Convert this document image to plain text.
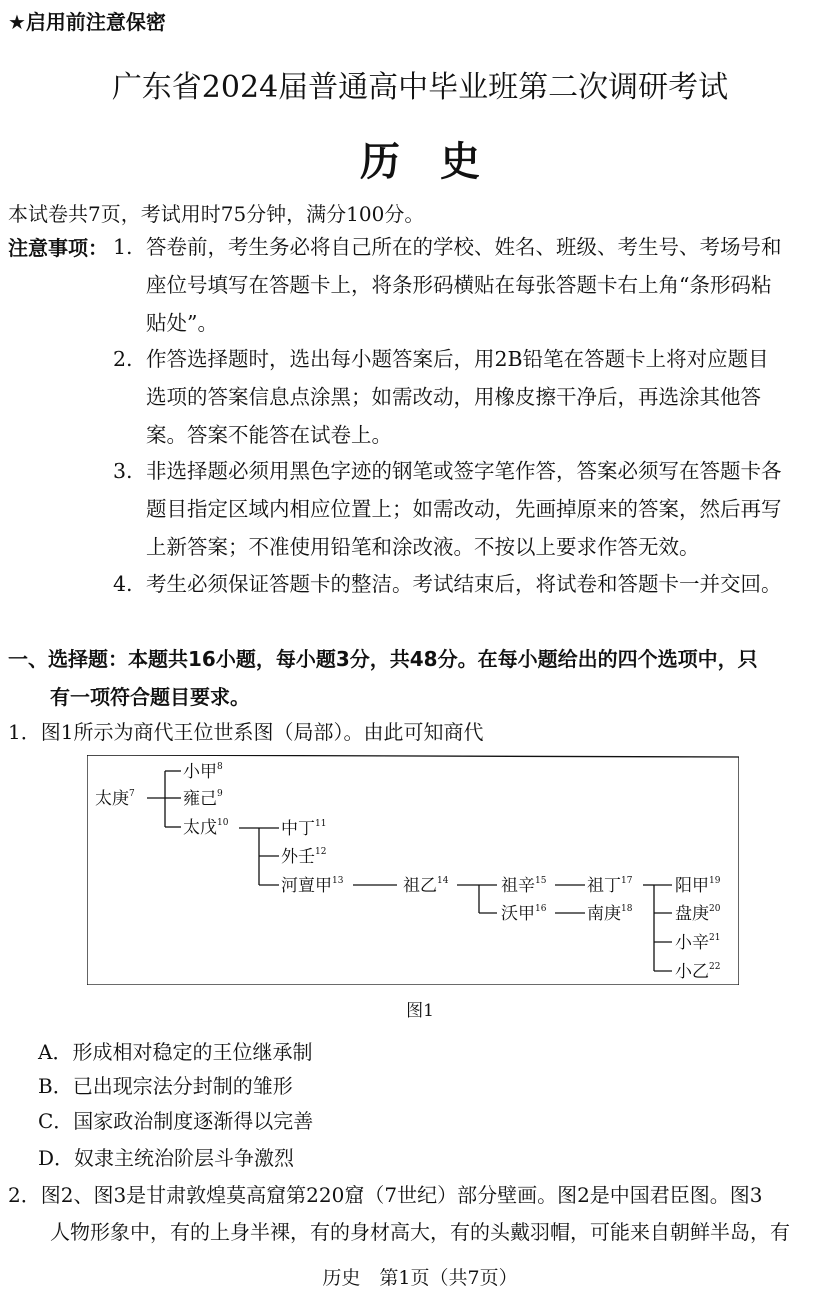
★启用前注意保密
广东省2024届普通高中毕业班第二次调研考试
历史
本试卷共7页，考试用时75分钟，满分100分。
注意事项： 1. 答卷前，考生务必将自己所在的学校、姓名、班级、考生号、考场号和
座位号填写在答题卡上，将条形码横贴在每张答题卡右上角“条形码粘
贴处”。
2. 作答选择题时，选出每小题答案后，用2B铅笔在答题卡上将对应题目
选项的答案信息点涂黑；如需改动，用橡皮擦干净后，再选涂其他答
案。答案不能答在试卷上。
3. 非选择题必须用黑色字迹的钢笔或签字笔作答，答案必须写在答题卡各
题目指定区域内相应位置上；如需改动，先画掉原来的答案，然后再写
上新答案；不准使用铅笔和涂改液。不按以上要求作答无效。
4. 考生必须保证答题卡的整洁。考试结束后，将试卷和答题卡一并交回。
一、选择题：本题共16小题，每小题3分，共48分。在每小题给出的四个选项中，只
有一项符合题目要求。
1．图1所示为商代王位世系图（局部）。由此可知商代
太庚$^7$
小甲$^8$
雍己$^9$
太戊$^{10}$	中丁$^{11}$
外壬$^{12}$
河亶甲$^{13}$	祖乙$^{14}$	祖辛$^{15}$
沃甲$^{16}$
祖丁$^{17}$
南庚$^{18}$
阳甲$^{19}$
盘庚$^{20}$
小辛$^{21}$
小乙$^{22}$
图1
A．形成相对稳定的王位继承制
B．已出现宗法分封制的雏形
C．国家政治制度逐渐得以完善
D．奴隶主统治阶层斗争激烈
2．图2、图3是甘肃敦煌莫高窟第220窟（7世纪）部分壁画。图2是中国君臣图。图3
人物形象中，有的上身半裸，有的身材高大，有的头戴羽帽，可能来自朝鲜半岛，有
历史　第1页（共7页）
